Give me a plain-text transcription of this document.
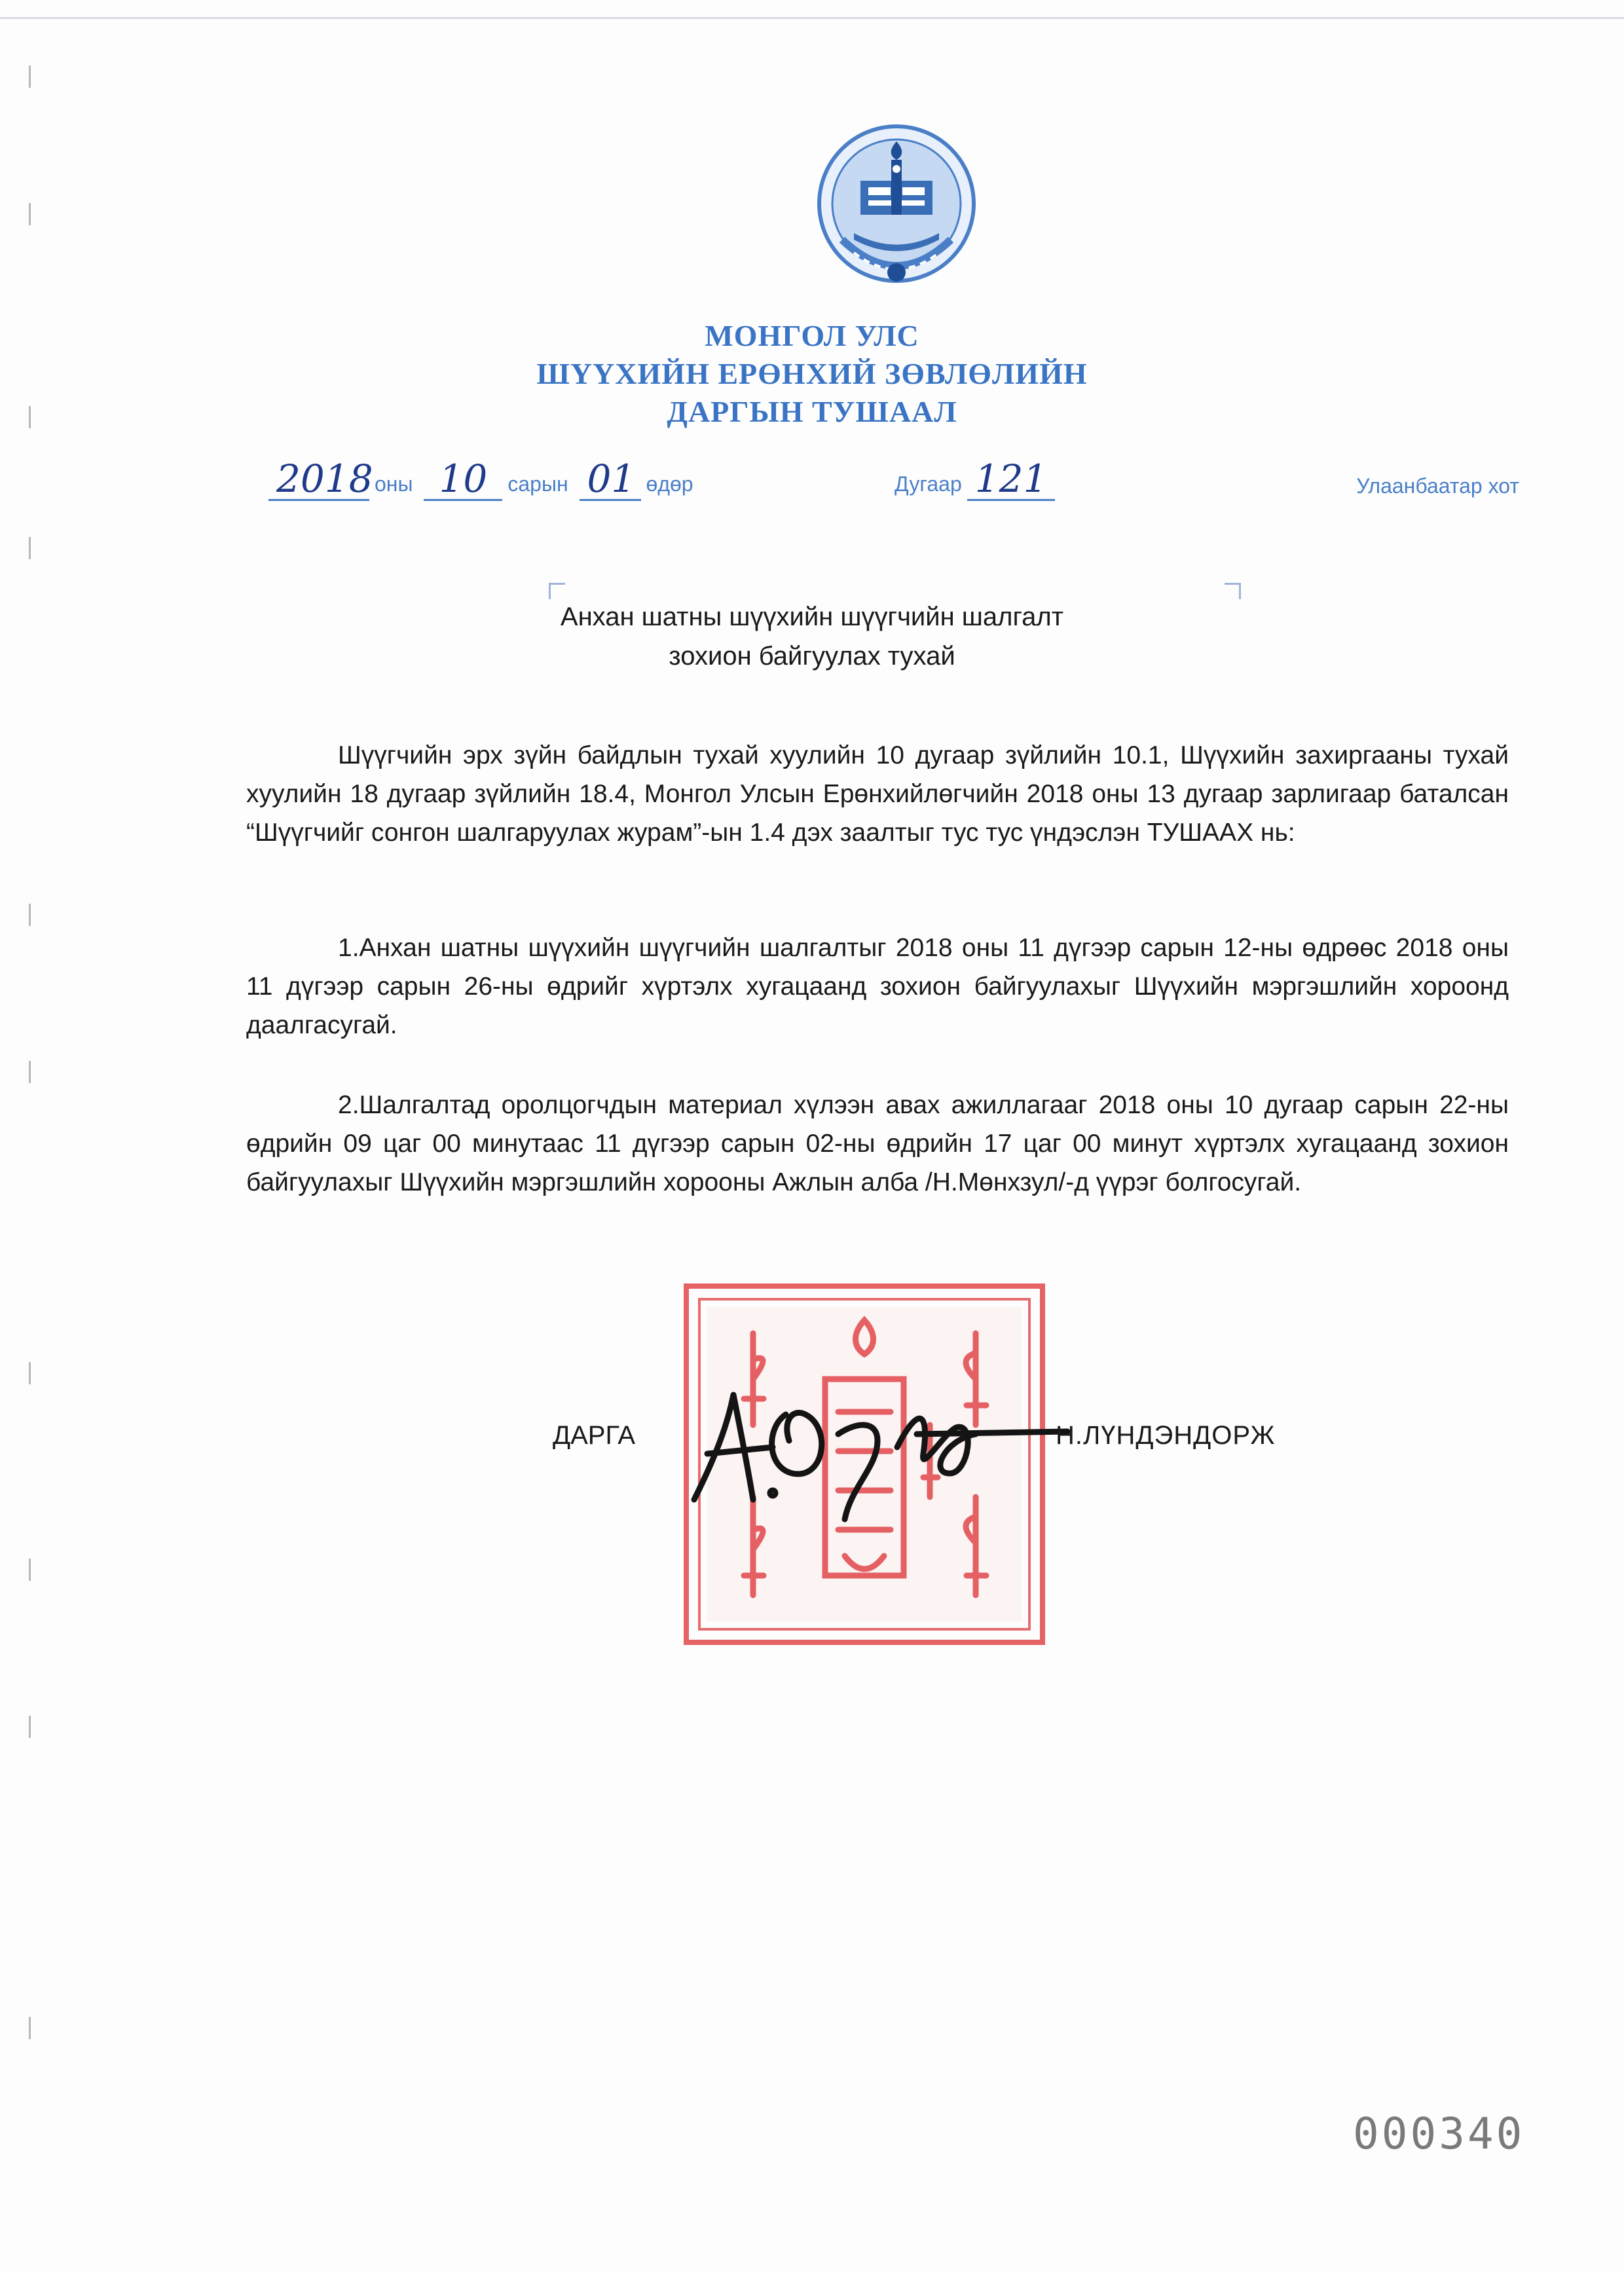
МОНГОЛ УЛС
ШҮҮХИЙН ЕРӨНХИЙ ЗӨВЛӨЛИЙН
ДАРГЫН ТУШААЛ
2018оны 10 сарын 01 өдөр	Дугаар 121	Улаанбаатар хот
Анхан шатны шүүхийн шүүгчийн шалгалт
зохион байгуулах тухай
Шүүгчийн эрх зүйн байдлын тухай хуулийн 10 дугаар зүйлийн 10.1, Шүүхийн захиргааны тухай хуулийн 18 дугаар зүйлийн 18.4, Монгол Улсын Ерөнхийлөгчийн 2018 оны 13 дугаар зарлигаар баталсан “Шүүгчийг сонгон шалгаруулах журам”-ын 1.4 дэх заалтыг тус тус үндэслэн ТУШААХ нь:
1.Анхан шатны шүүхийн шүүгчийн шалгалтыг 2018 оны 11 дүгээр сарын 12-ны өдрөөс 2018 оны 11 дүгээр сарын 26-ны өдрийг хүртэлх хугацаанд зохион байгуулахыг Шүүхийн мэргэшлийн хороонд даалгасугай.
2.Шалгалтад оролцогчдын материал хүлээн авах ажиллагааг 2018 оны 10 дугаар сарын 22-ны өдрийн 09 цаг 00 минутаас 11 дүгээр сарын 02-ны өдрийн 17 цаг 00 минут хүртэлх хугацаанд зохион байгуулахыг Шүүхийн мэргэшлийн хорооны Ажлын алба /Н.Мөнхзул/-д үүрэг болгосугай.
ДАРГА	Н.ЛҮНДЭНДОРЖ
000340
